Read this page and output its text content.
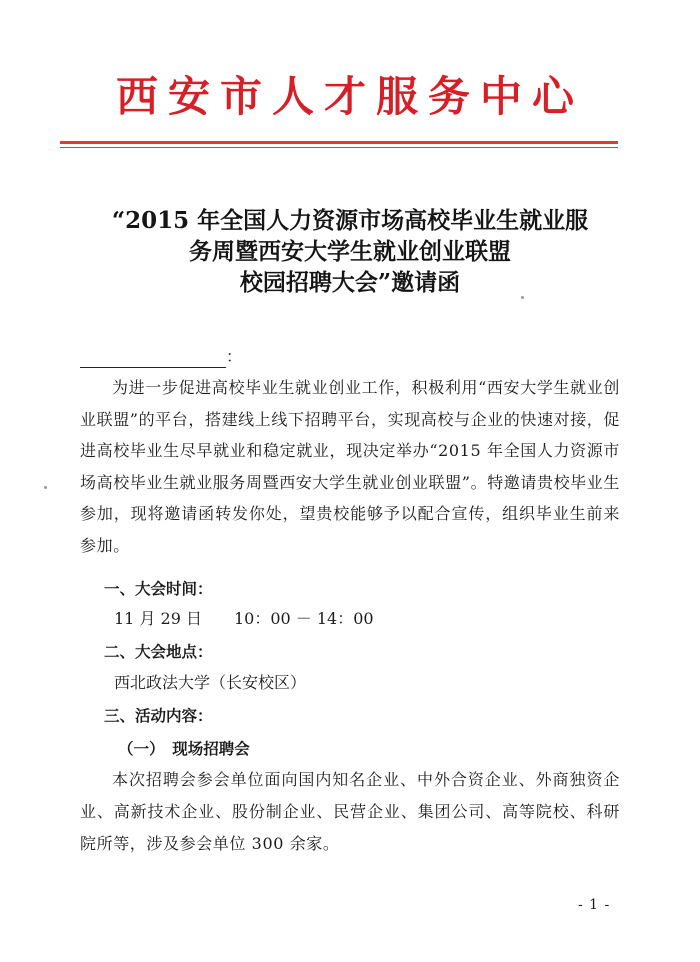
西安市人才服务中心
“2015 年全国人力资源市场高校毕业生就业服
务周暨西安大学生就业创业联盟
校园招聘大会”邀请函
：
为进一步促进高校毕业生就业创业工作，积极利用“西安大学生就业创业联盟”的平台，搭建线上线下招聘平台，实现高校与企业的快速对接，促进高校毕业生尽早就业和稳定就业，现决定举办“2015 年全国人力资源市场高校毕业生就业服务周暨西安大学生就业创业联盟”。特邀请贵校毕业生参加，现将邀请函转发你处，望贵校能够予以配合宣传，组织毕业生前来参加。
一、大会时间：
11 月 29 日　　10：00 － 14：00
二、大会地点：
西北政法大学（长安校区）
三、活动内容：
（一）　现场招聘会
本次招聘会参会单位面向国内知名企业、中外合资企业、外商独资企业、高新技术企业、股份制企业、民营企业、集团公司、高等院校、科研院所等，涉及参会单位 300 余家。
- 1 -
